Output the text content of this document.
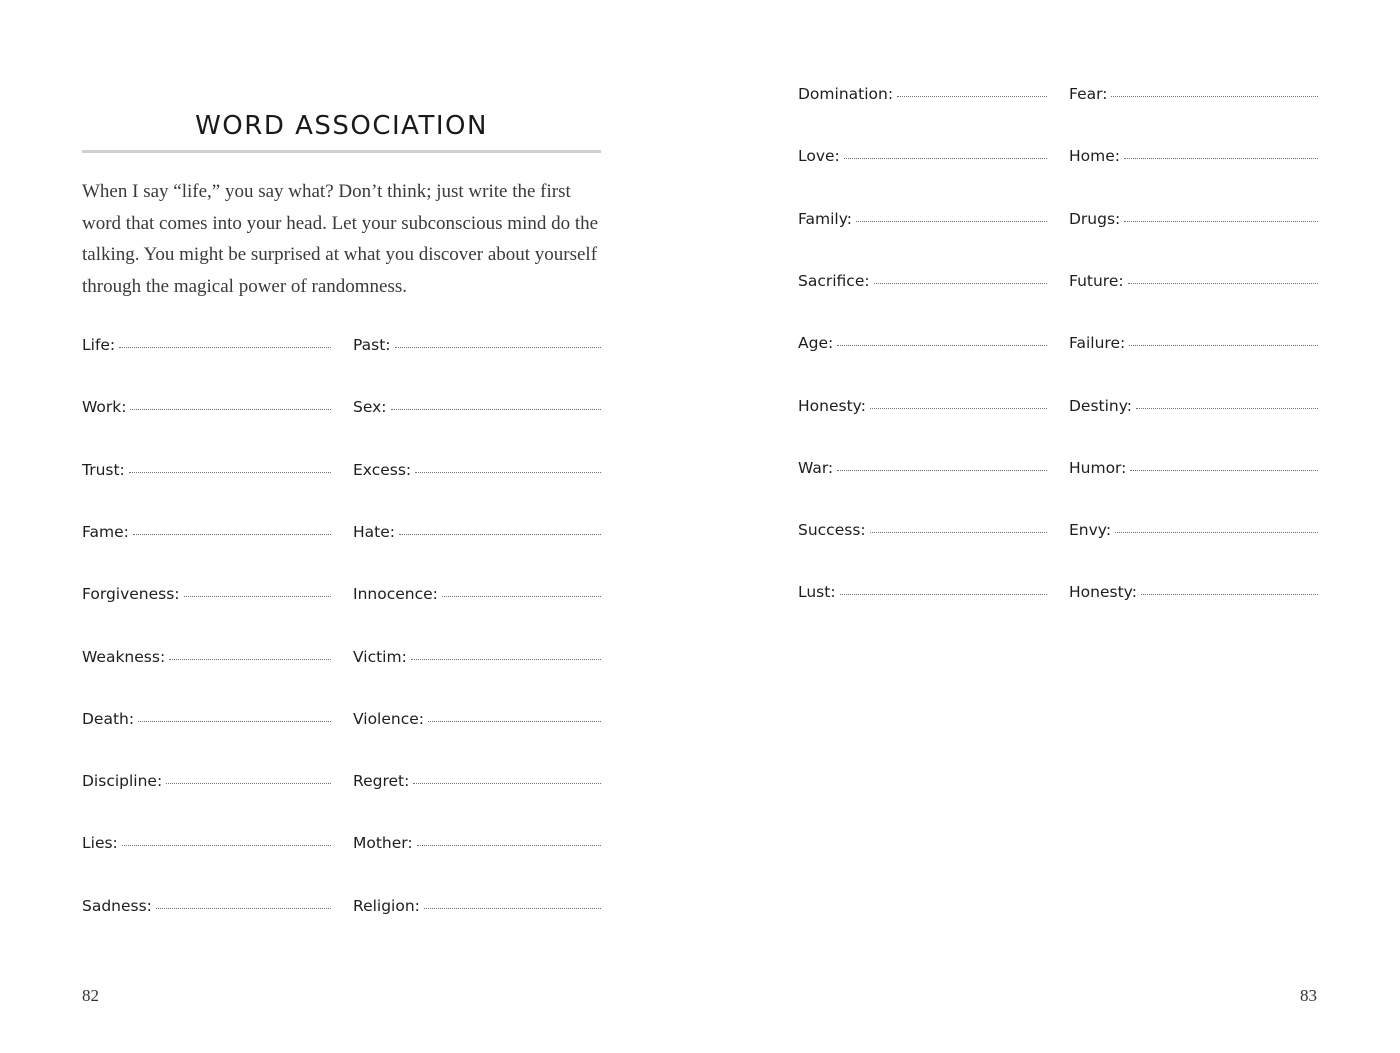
WORD ASSOCIATION

When I say “life,” you say what? Don’t think; just write the first word that comes into your head. Let your subconscious mind do the talking. You might be surprised at what you discover about yourself through the magical power of randomness.

Life:
Work:
Trust:
Fame:
Forgiveness:
Weakness:
Death:
Discipline:
Lies:
Sadness:
Past:
Sex:
Excess:
Hate:
Innocence:
Victim:
Violence:
Regret:
Mother:
Religion:
82
Domination:
Love:
Family:
Sacrifice:
Age:
Honesty:
War:
Success:
Lust:
Fear:
Home:
Drugs:
Future:
Failure:
Destiny:
Humor:
Envy:
Honesty:
83
